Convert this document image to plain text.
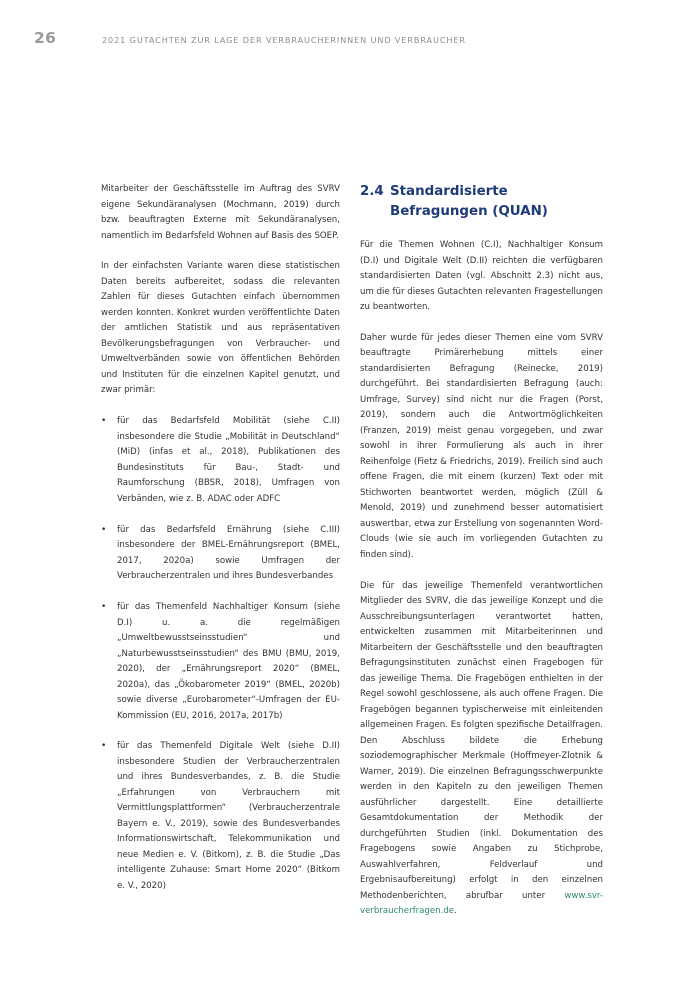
26	2021 GUTACHTEN ZUR LAGE DER VERBRAUCHERINNEN UND VERBRAUCHER

Mitarbeiter der Geschäftsstelle im Auftrag des SVRV eigene Sekundäranalysen (Mochmann, 2019) durch bzw. beauftragten Externe mit Sekundäranalysen, namentlich im Bedarfsfeld Wohnen auf Basis des SOEP.

In der einfachsten Variante waren diese statistischen Daten bereits aufbereitet, sodass die relevanten Zahlen für dieses Gutachten einfach übernommen werden konnten. Konkret wurden veröffentlichte Daten der amtlichen Statistik und aus repräsentativen Bevölkerungsbefragungen von Verbraucher- und Umweltverbänden sowie von öffentlichen Behörden und Instituten für die einzelnen Kapitel genutzt, und zwar primär:

• für das Bedarfsfeld Mobilität (siehe C.II) insbesondere die Studie „Mobilität in Deutschland“ (MiD) (infas et al., 2018), Publikationen des Bundesinstituts für Bau-, Stadt- und Raumforschung (BBSR, 2018), Umfragen von Verbänden, wie z. B. ADAC oder ADFC
• für das Bedarfsfeld Ernährung (siehe C.III) insbesondere der BMEL-Ernährungsreport (BMEL, 2017, 2020a) sowie Umfragen der Verbraucherzentralen und ihres Bundesverbandes
• für das Themenfeld Nachhaltiger Konsum (siehe D.I) u. a. die regelmäßigen „Umweltbewusstseinsstudien“ und „Naturbewusstseinsstudien“ des BMU (BMU, 2019, 2020), der „Ernährungsreport 2020“ (BMEL, 2020a), das „Ökobarometer 2019“ (BMEL, 2020b) sowie diverse „Eurobarometer“-Umfragen der EU-Kommission (EU, 2016, 2017a, 2017b)
• für das Themenfeld Digitale Welt (siehe D.II) insbesondere Studien der Verbraucherzentralen und ihres Bundesverbandes, z. B. die Studie „Erfahrungen von Verbrauchern mit Vermittlungsplattformen“ (Verbraucherzentrale Bayern e. V., 2019), sowie des Bundesverbandes Informationswirtschaft, Telekommunikation und neue Medien e. V. (Bitkom), z. B. die Studie „Das intelligente Zuhause: Smart Home 2020“ (Bitkom e. V., 2020)
2.4 Standardisierte Befragungen (QUAN)

Für die Themen Wohnen (C.I), Nachhaltiger Konsum (D.I) und Digitale Welt (D.II) reichten die verfügbaren standardisierten Daten (vgl. Abschnitt 2.3) nicht aus, um die für dieses Gutachten relevanten Fragestellungen zu beantworten.

Daher wurde für jedes dieser Themen eine vom SVRV beauftragte Primärerhebung mittels einer standardisierten Befragung (Reinecke, 2019) durchgeführt. Bei standardisierten Befragung (auch: Umfrage, Survey) sind nicht nur die Fragen (Porst, 2019), sondern auch die Antwortmöglichkeiten (Franzen, 2019) meist genau vorgegeben, und zwar sowohl in ihrer Formulierung als auch in ihrer Reihenfolge (Fietz & Friedrichs, 2019). Freilich sind auch offene Fragen, die mit einem (kurzen) Text oder mit Stichworten beantwortet werden, möglich (Züll & Menold, 2019) und zunehmend besser automatisiert auswertbar, etwa zur Erstellung von sogenannten Word-Clouds (wie sie auch im vorliegenden Gutachten zu finden sind).

Die für das jeweilige Themenfeld verantwortlichen Mitglieder des SVRV, die das jeweilige Konzept und die Ausschreibungsunterlagen verantwortet hatten, entwickelten zusammen mit Mitarbeiterinnen und Mitarbeitern der Geschäftsstelle und den beauftragten Befragungsinstituten zunächst einen Fragebogen für das jeweilige Thema. Die Fragebögen enthielten in der Regel sowohl geschlossene, als auch offene Fragen. Die Fragebögen begannen typischerweise mit einleitenden allgemeinen Fragen. Es folgten spezifische Detailfragen. Den Abschluss bildete die Erhebung soziodemographischer Merkmale (Hoffmeyer-Zlotnik & Warner, 2019). Die einzelnen Befragungsschwerpunkte werden in den Kapiteln zu den jeweiligen Themen ausführlicher dargestellt. Eine detaillierte Gesamtdokumentation der Methodik der durchgeführten Studien (inkl. Dokumentation des Fragebogens sowie Angaben zu Stichprobe, Auswahlverfahren, Feldverlauf und Ergebnisaufbereitung) erfolgt in den einzelnen Methodenberichten, abrufbar unter www.svr-verbraucherfragen.de.
